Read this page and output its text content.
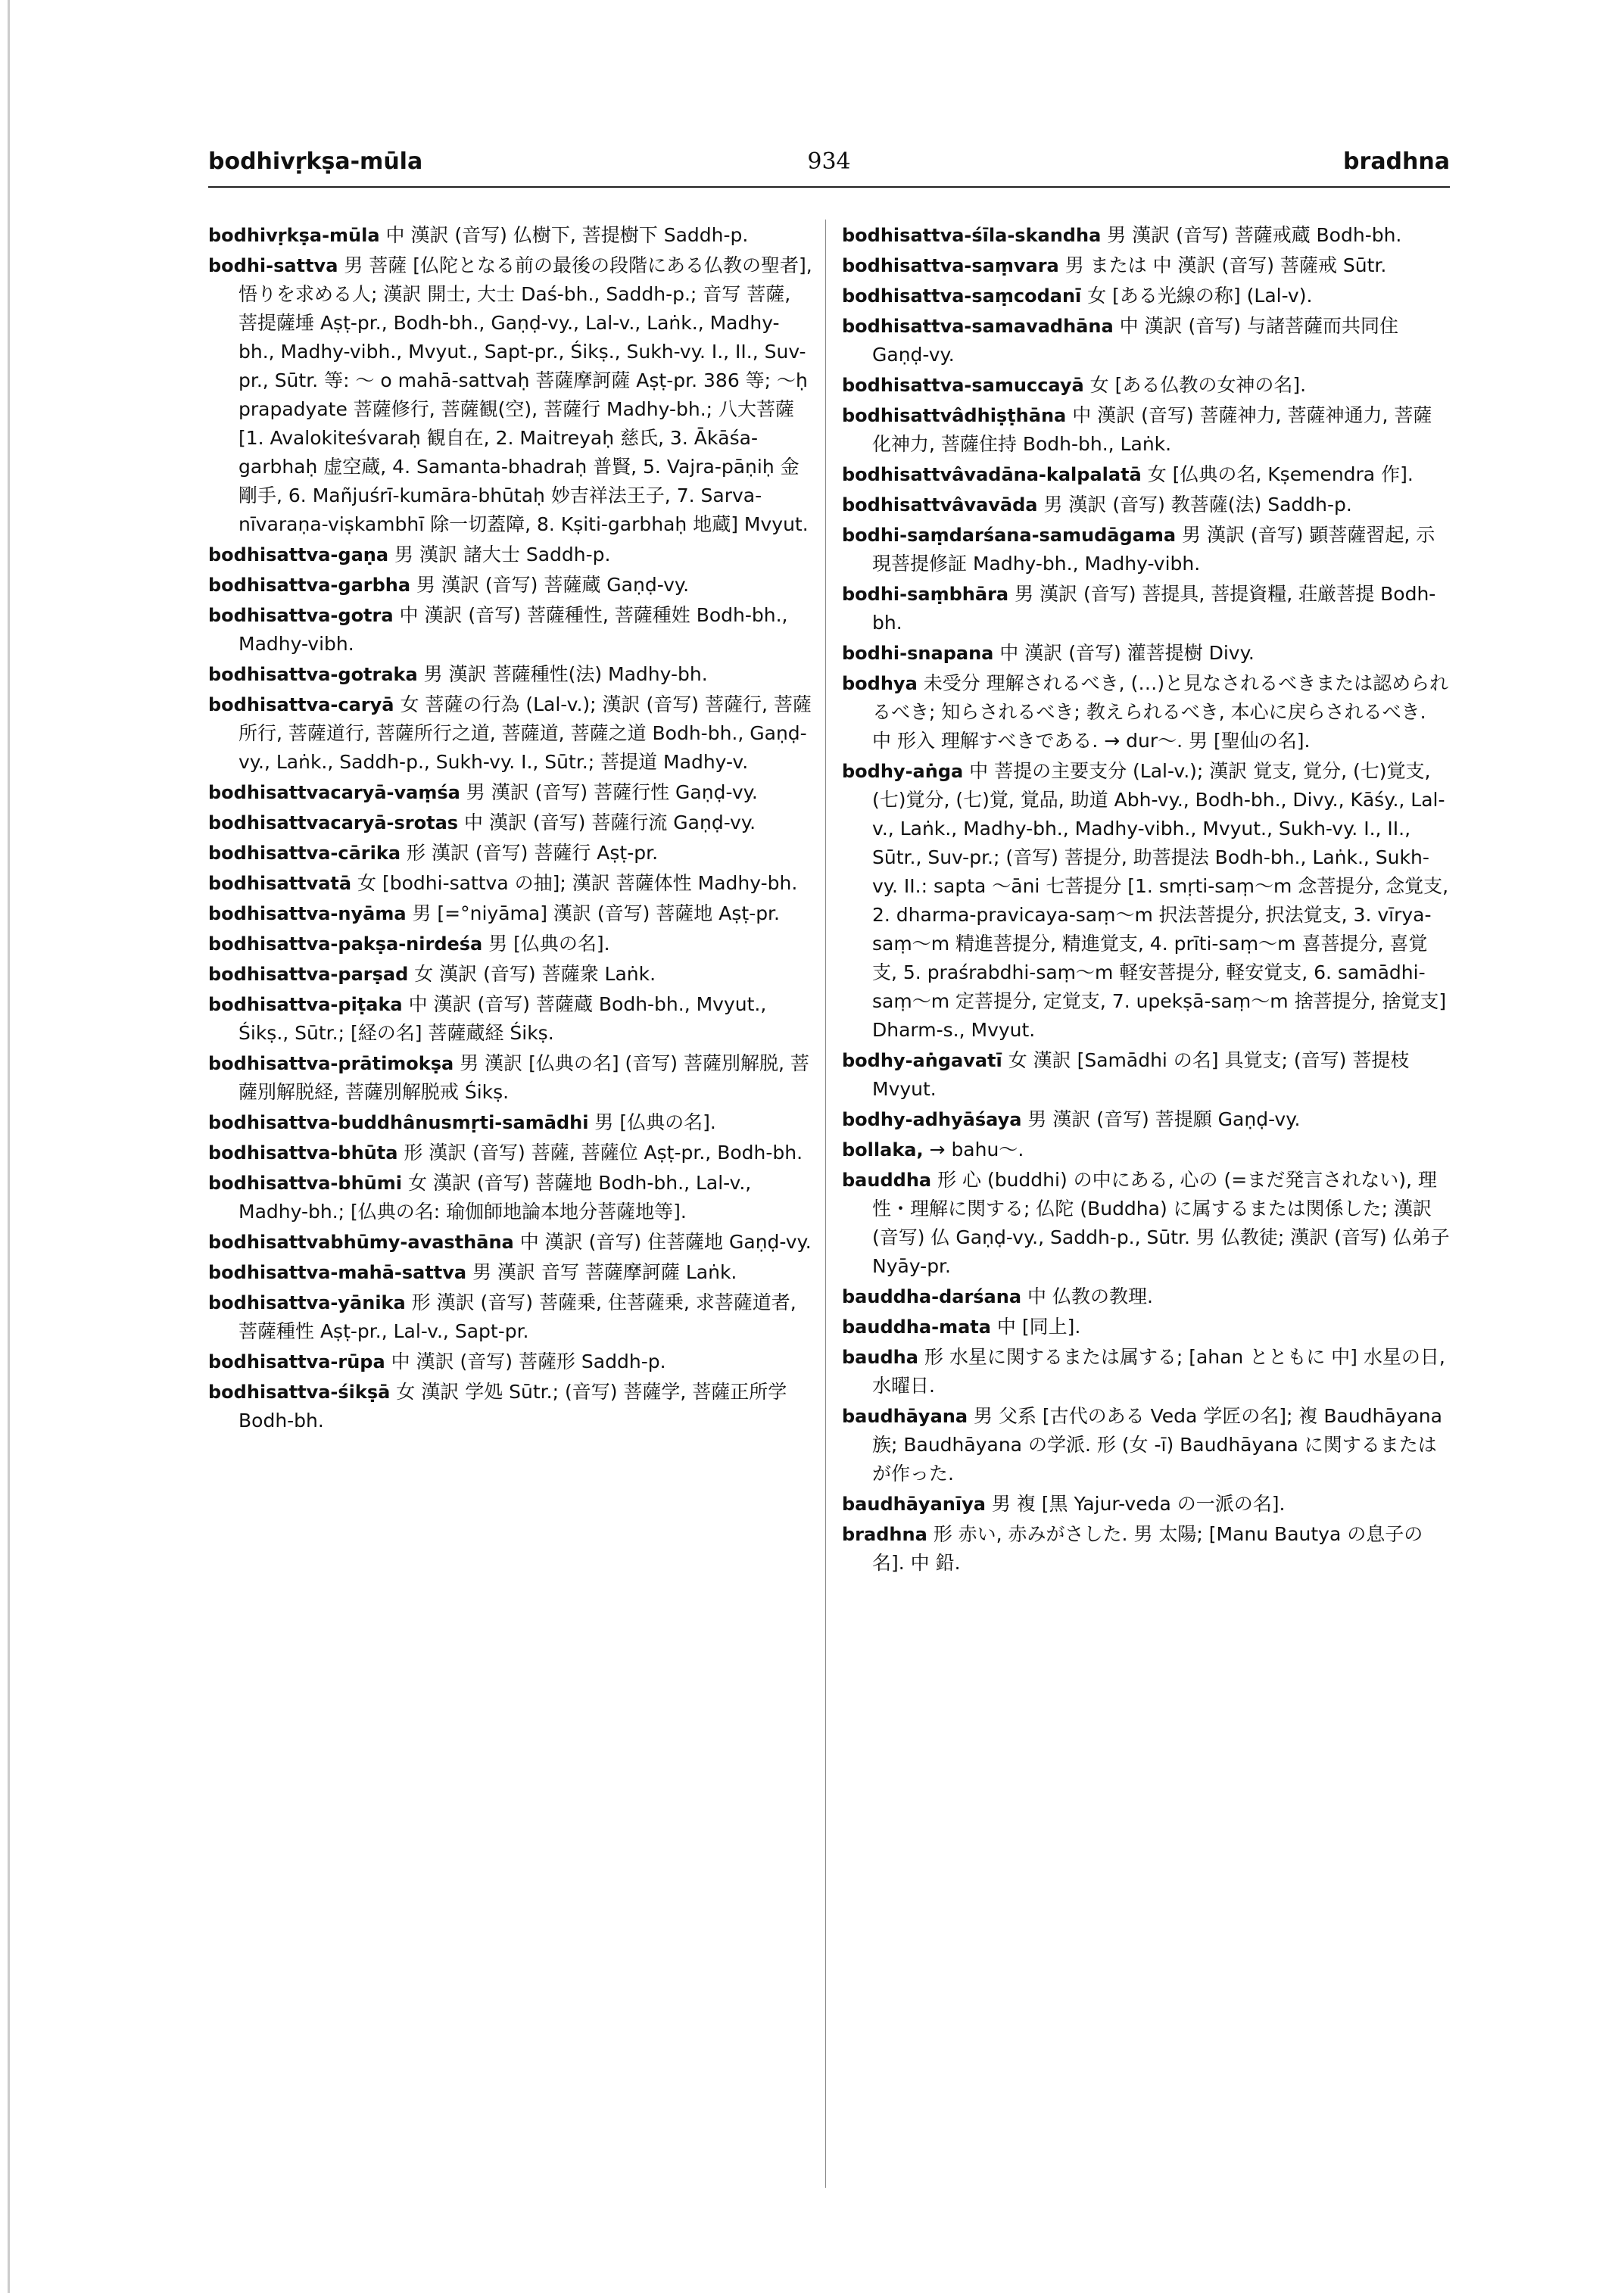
bodhivṛkṣa-mūla	934	bradhna

bodhivṛkṣa-mūla 中 漢訳 (音写) 仏樹下, 菩提樹下 Saddh-p.

bodhi-sattva 男 菩薩 [仏陀となる前の最後の段階にある仏教の聖者], 悟りを求める人; 漢訳 開士, 大士 Daś-bh., Saddh-p.; 音写 菩薩, 菩提薩埵 Aṣṭ-pr., Bodh-bh., Gaṇḍ-vy., Lal-v., Laṅk., Madhy-bh., Madhy-vibh., Mvyut., Sapt-pr., Śikṣ., Sukh-vy. I., II., Suv-pr., Sūtr. 等: 〜 o mahā-sattvaḥ 菩薩摩訶薩 Aṣṭ-pr. 386 等; 〜ḥ prapadyate 菩薩修行, 菩薩観(空), 菩薩行 Madhy-bh.; 八大菩薩 [1. Avalokiteśvaraḥ 観自在, 2. Maitreyaḥ 慈氏, 3. Ākāśa-garbhaḥ 虚空蔵, 4. Samanta-bhadraḥ 普賢, 5. Vajra-pāṇiḥ 金剛手, 6. Mañjuśrī-kumāra-bhūtaḥ 妙吉祥法王子, 7. Sarva-nīvaraṇa-viṣkambhī 除一切蓋障, 8. Kṣiti-garbhaḥ 地蔵] Mvyut.

bodhisattva-gaṇa 男 漢訳 諸大士 Saddh-p.

bodhisattva-garbha 男 漢訳 (音写) 菩薩蔵 Gaṇḍ-vy.

bodhisattva-gotra 中 漢訳 (音写) 菩薩種性, 菩薩種姓 Bodh-bh., Madhy-vibh.

bodhisattva-gotraka 男 漢訳 菩薩種性(法) Madhy-bh.

bodhisattva-caryā 女 菩薩の行為 (Lal-v.); 漢訳 (音写) 菩薩行, 菩薩所行, 菩薩道行, 菩薩所行之道, 菩薩道, 菩薩之道 Bodh-bh., Gaṇḍ-vy., Laṅk., Saddh-p., Sukh-vy. I., Sūtr.; 菩提道 Madhy-v.

bodhisattvacaryā-vaṃśa 男 漢訳 (音写) 菩薩行性 Gaṇḍ-vy.

bodhisattvacaryā-srotas 中 漢訳 (音写) 菩薩行流 Gaṇḍ-vy.

bodhisattva-cārika 形 漢訳 (音写) 菩薩行 Aṣṭ-pr.

bodhisattvatā 女 [bodhi-sattva の抽]; 漢訳 菩薩体性 Madhy-bh.

bodhisattva-nyāma 男 [=°niyāma] 漢訳 (音写) 菩薩地 Aṣṭ-pr.

bodhisattva-pakṣa-nirdeśa 男 [仏典の名].

bodhisattva-parṣad 女 漢訳 (音写) 菩薩衆 Laṅk.

bodhisattva-piṭaka 中 漢訳 (音写) 菩薩蔵 Bodh-bh., Mvyut., Śikṣ., Sūtr.; [経の名] 菩薩蔵経 Śikṣ.

bodhisattva-prātimokṣa 男 漢訳 [仏典の名] (音写) 菩薩別解脱, 菩薩別解脱経, 菩薩別解脱戒 Śikṣ.

bodhisattva-buddhânusmṛti-samādhi 男 [仏典の名].

bodhisattva-bhūta 形 漢訳 (音写) 菩薩, 菩薩位 Aṣṭ-pr., Bodh-bh.

bodhisattva-bhūmi 女 漢訳 (音写) 菩薩地 Bodh-bh., Lal-v., Madhy-bh.; [仏典の名: 瑜伽師地論本地分菩薩地等].

bodhisattvabhūmy-avasthāna 中 漢訳 (音写) 住菩薩地 Gaṇḍ-vy.

bodhisattva-mahā-sattva 男 漢訳 音写 菩薩摩訶薩 Laṅk.

bodhisattva-yānika 形 漢訳 (音写) 菩薩乗, 住菩薩乗, 求菩薩道者, 菩薩種性 Aṣṭ-pr., Lal-v., Sapt-pr.

bodhisattva-rūpa 中 漢訳 (音写) 菩薩形 Saddh-p.

bodhisattva-śikṣā 女 漢訳 学処 Sūtr.; (音写) 菩薩学, 菩薩正所学 Bodh-bh.

bodhisattva-śīla-skandha 男 漢訳 (音写) 菩薩戒蔵 Bodh-bh.

bodhisattva-saṃvara 男 または 中 漢訳 (音写) 菩薩戒 Sūtr.

bodhisattva-saṃcodanī 女 [ある光線の称] (Lal-v).

bodhisattva-samavadhāna 中 漢訳 (音写) 与諸菩薩而共同住 Gaṇḍ-vy.

bodhisattva-samuccayā 女 [ある仏教の女神の名].

bodhisattvâdhiṣṭhāna 中 漢訳 (音写) 菩薩神力, 菩薩神通力, 菩薩化神力, 菩薩住持 Bodh-bh., Laṅk.

bodhisattvâvadāna-kalpalatā 女 [仏典の名, Kṣemendra 作].

bodhisattvâvavāda 男 漢訳 (音写) 教菩薩(法) Saddh-p.

bodhi-saṃdarśana-samudāgama 男 漢訳 (音写) 顕菩薩習起, 示現菩提修証 Madhy-bh., Madhy-vibh.

bodhi-saṃbhāra 男 漢訳 (音写) 菩提具, 菩提資糧, 荘厳菩提 Bodh-bh.

bodhi-snapana 中 漢訳 (音写) 灌菩提樹 Divy.

bodhya 未受分 理解されるべき, (…)と見なされるべきまたは認められるべき; 知らされるべき; 教えられるべき, 本心に戻らされるべき. 中 形入 理解すべきである. → dur〜. 男 [聖仙の名].

bodhy-aṅga 中 菩提の主要支分 (Lal-v.); 漢訳 覚支, 覚分, (七)覚支, (七)覚分, (七)覚, 覚品, 助道 Abh-vy., Bodh-bh., Divy., Kāśy., Lal-v., Laṅk., Madhy-bh., Madhy-vibh., Mvyut., Sukh-vy. I., II., Sūtr., Suv-pr.; (音写) 菩提分, 助菩提法 Bodh-bh., Laṅk., Sukh-vy. II.: sapta 〜āni 七菩提分 [1. smṛti-saṃ〜m 念菩提分, 念覚支, 2. dharma-pravicaya-saṃ〜m 択法菩提分, 択法覚支, 3. vīrya-saṃ〜m 精進菩提分, 精進覚支, 4. prīti-saṃ〜m 喜菩提分, 喜覚支, 5. praśrabdhi-saṃ〜m 軽安菩提分, 軽安覚支, 6. samādhi-saṃ〜m 定菩提分, 定覚支, 7. upekṣā-saṃ〜m 捨菩提分, 捨覚支] Dharm-s., Mvyut.

bodhy-aṅgavatī 女 漢訳 [Samādhi の名] 具覚支; (音写) 菩提枝 Mvyut.

bodhy-adhyāśaya 男 漢訳 (音写) 菩提願 Gaṇḍ-vy.

bollaka, → bahu〜.

bauddha 形 心 (buddhi) の中にある, 心の (=まだ発言されない), 理性・理解に関する; 仏陀 (Buddha) に属するまたは関係した; 漢訳 (音写) 仏 Gaṇḍ-vy., Saddh-p., Sūtr. 男 仏教徒; 漢訳 (音写) 仏弟子 Nyāy-pr.

bauddha-darśana 中 仏教の教理.

bauddha-mata 中 [同上].

baudha 形 水星に関するまたは属する; [ahan とともに 中] 水星の日, 水曜日.

baudhāyana 男 父系 [古代のある Veda 学匠の名]; 複 Baudhāyana 族; Baudhāyana の学派. 形 (女 -ī) Baudhāyana に関するまたはが作った.

baudhāyanīya 男 複 [黒 Yajur-veda の一派の名].

bradhna 形 赤い, 赤みがさした. 男 太陽; [Manu Bautya の息子の名]. 中 鉛.
